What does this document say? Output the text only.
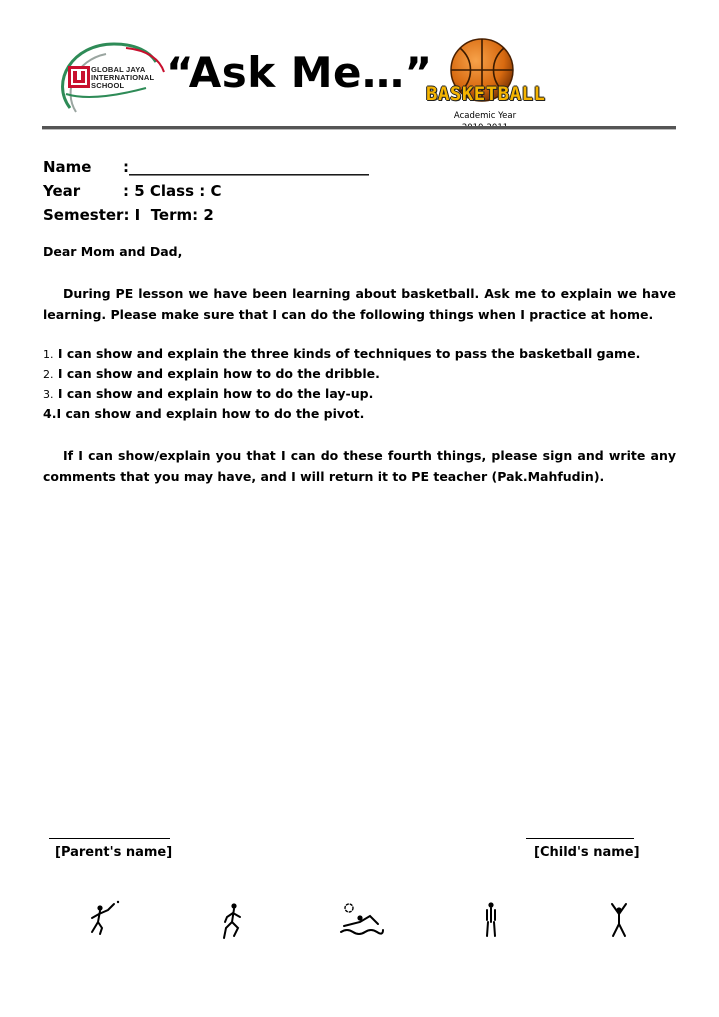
GLOBAL JAYA
INTERNATIONAL
SCHOOL “Ask Me…”
BASKETBALL
Academic Year
Name :________________________________
Year	: 5 Class : C
Semester: I  Term: 2
Dear Mom and Dad,
During PE lesson we have been learning about basketball. Ask me to explain we have learning. Please make sure that I can do the following things when I practice at home.
1. I can show and explain the three kinds of techniques to pass the basketball game.
2. I can show and explain how to do the dribble.
3. I can show and explain how to do the lay-up.
4.I can show and explain how to do the pivot.
If I can show/explain you that I can do these fourth things, please sign and write any comments that you may have, and I will return it to PE teacher (Pak.Mahfudin).
[Parent's name]	[Child's name]
